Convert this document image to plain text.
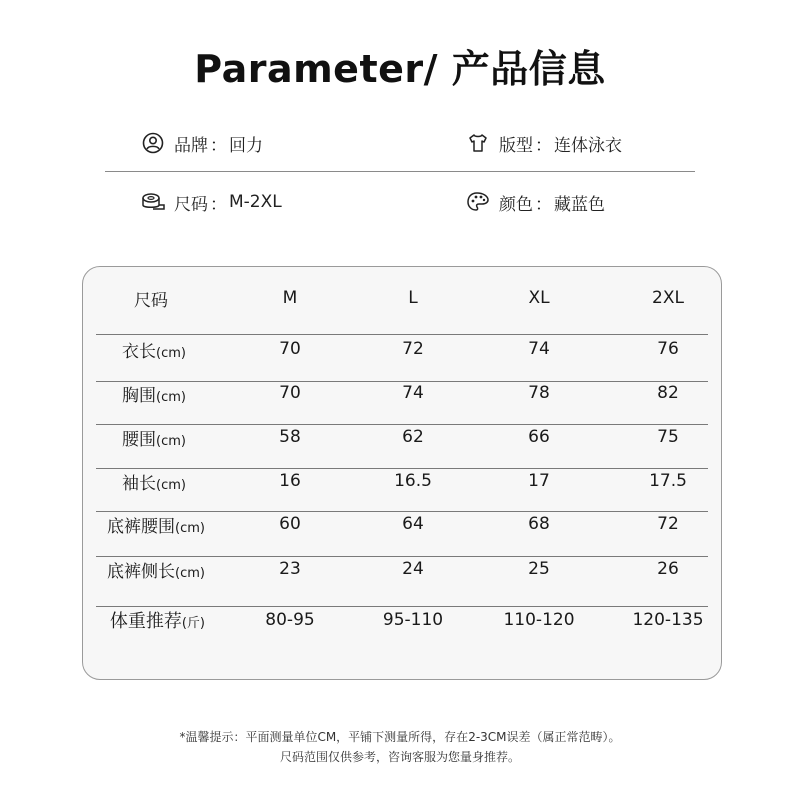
Parameter/ 产品信息
品牌 ： 回力	版型 ： 连体泳衣
尺码 ： M-2XL	颜色 ： 藏蓝色
尺码	M	L	XL	2XL
衣长(cm)	70	72	74	76
胸围(cm)	70	74	78	82
腰围(cm)	58	62	66	75
袖长(cm)	16	16.5	17	17.5
底裤腰围(cm)	60	64	68	72
底裤侧长(cm)	23	24	25	26
体重推荐(斤)	80-95	95-110	110-120	120-135
*温馨提示：平面测量单位CM，平铺下测量所得，存在2-3CM误差（属正常范畴）。
尺码范围仅供参考，咨询客服为您量身推荐。
